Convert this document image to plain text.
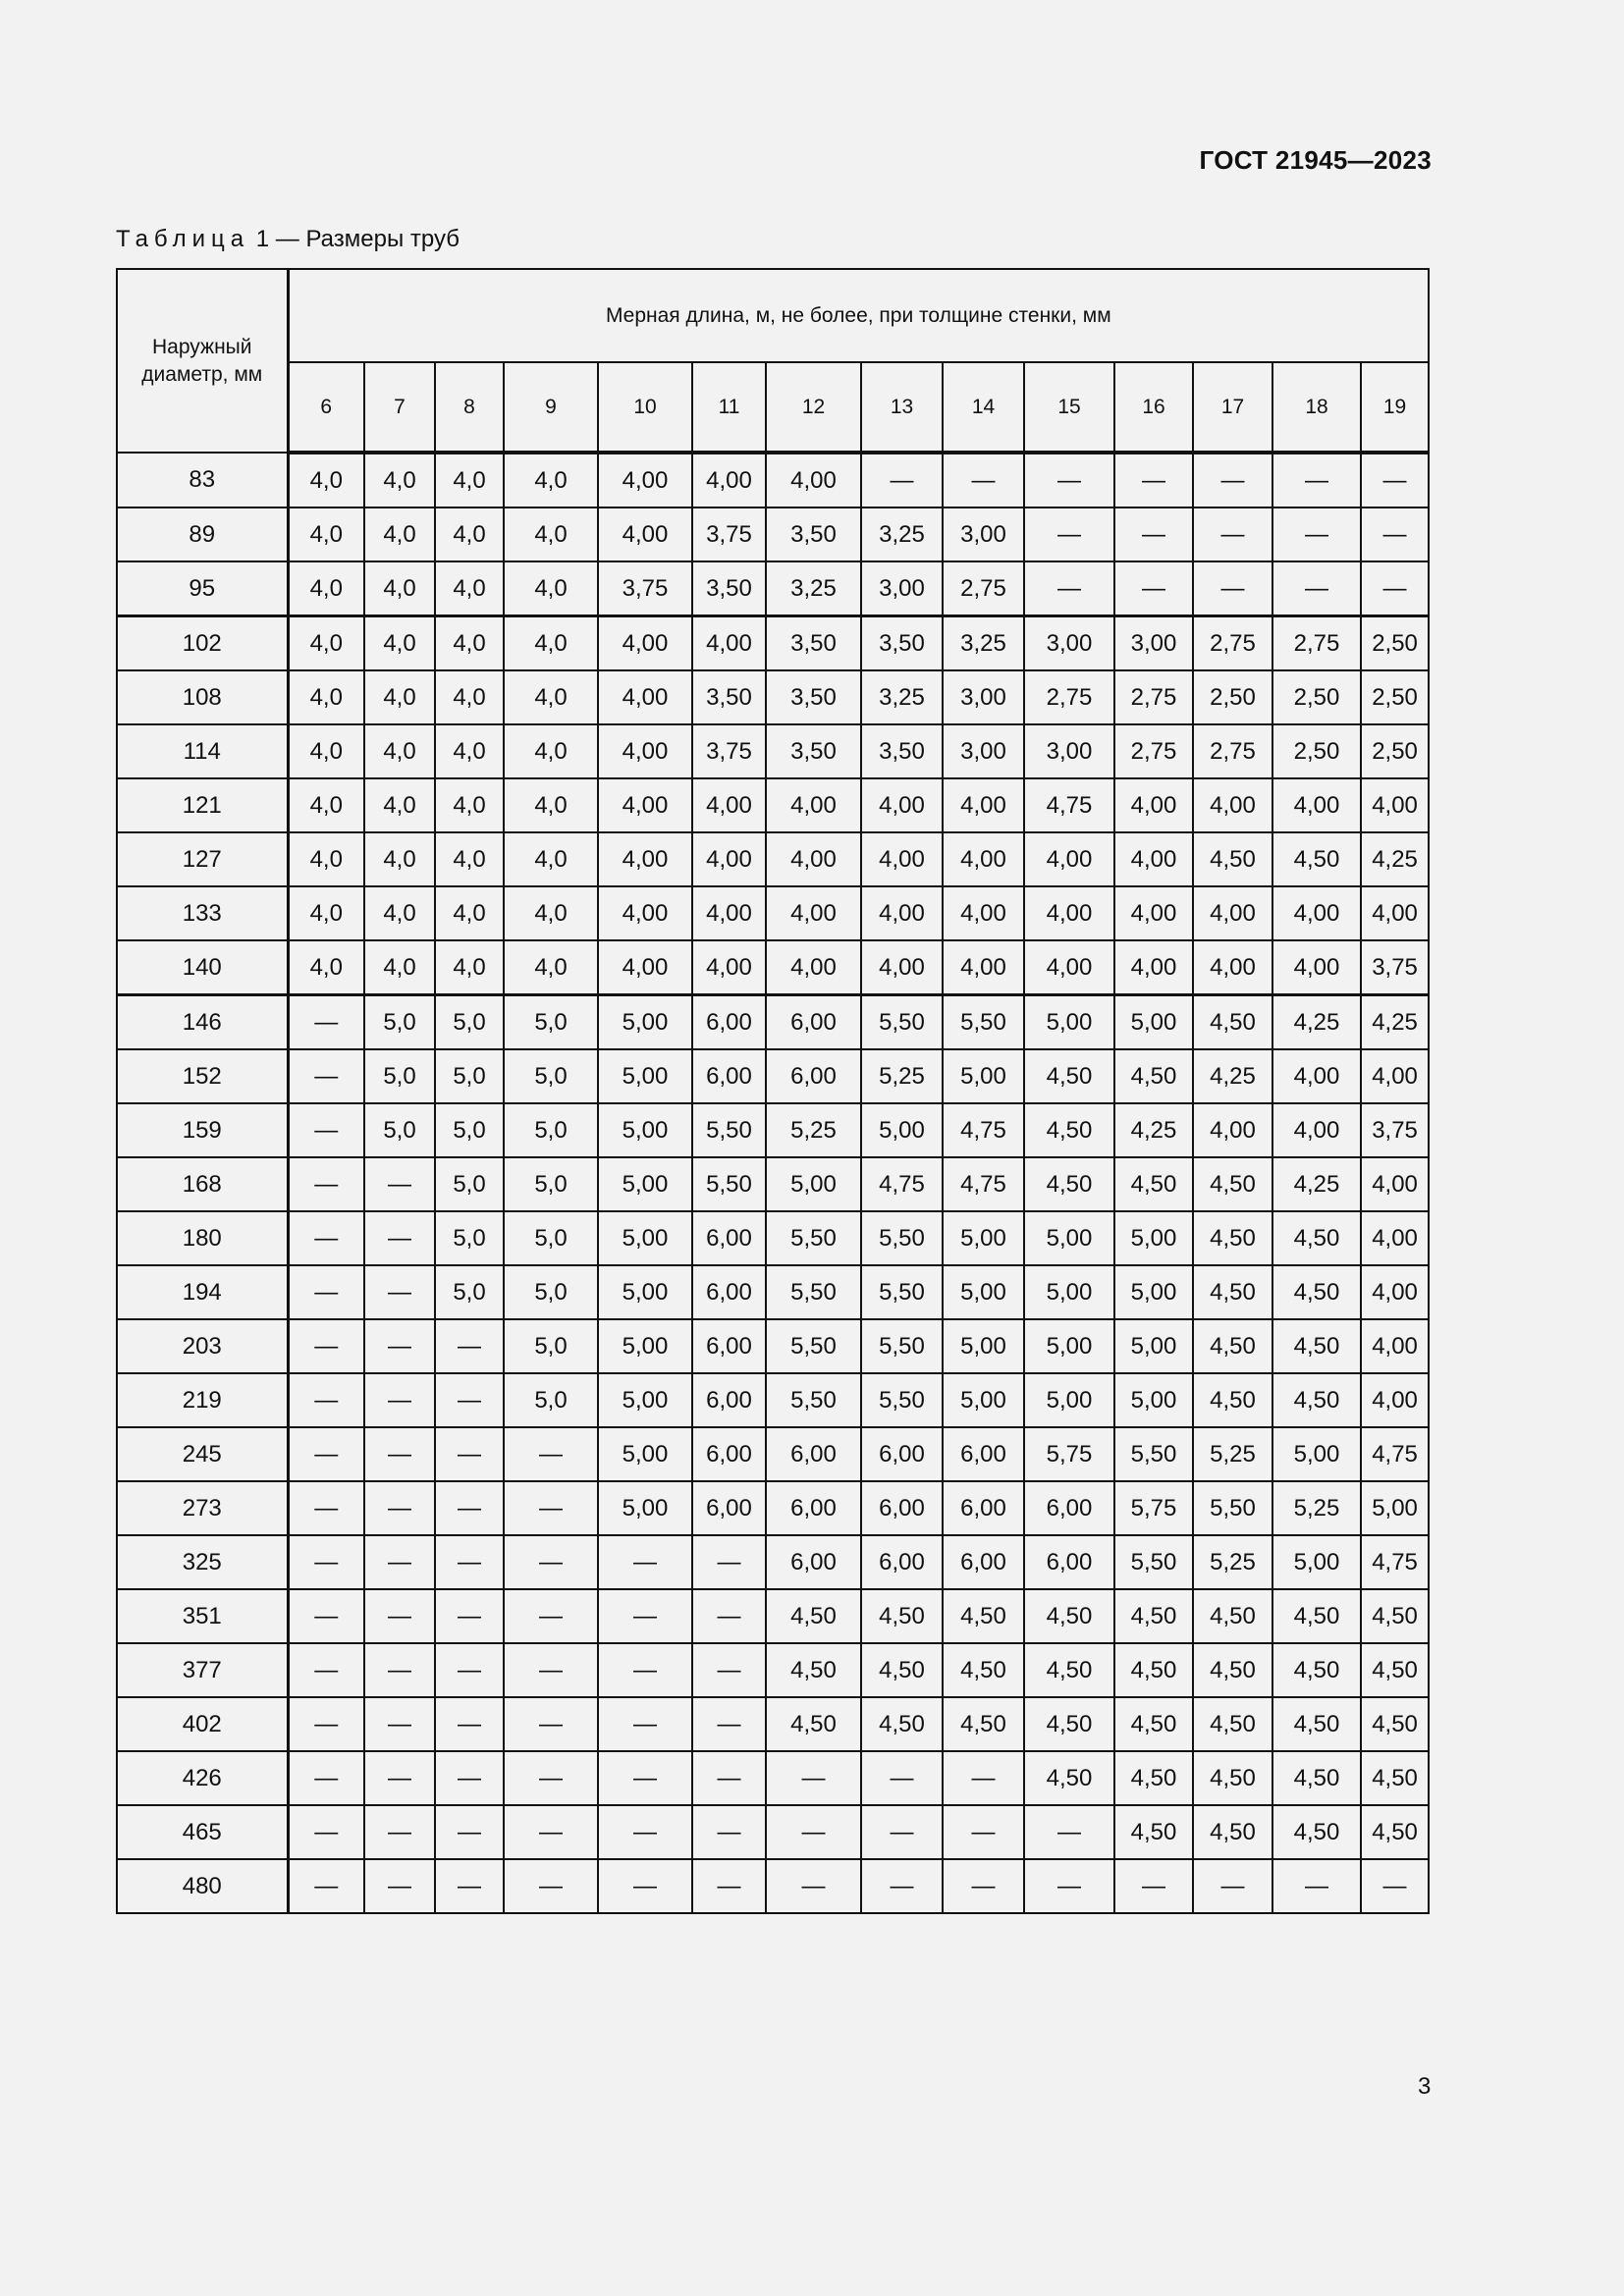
ГОСТ 21945—2023
Таблица 1 — Размеры труб
Наружный диаметр, мм	Мерная длина, м, не более, при толщине стенки, мм													
	6	7	8	9	10	11	12	13	14	15	16	17	18	19
83	4,0	4,0	4,0	4,0	4,00	4,00	4,00	—	—	—	—	—	—	—
89	4,0	4,0	4,0	4,0	4,00	3,75	3,50	3,25	3,00	—	—	—	—	—
95	4,0	4,0	4,0	4,0	3,75	3,50	3,25	3,00	2,75	—	—	—	—	—
102	4,0	4,0	4,0	4,0	4,00	4,00	3,50	3,50	3,25	3,00	3,00	2,75	2,75	2,50
108	4,0	4,0	4,0	4,0	4,00	3,50	3,50	3,25	3,00	2,75	2,75	2,50	2,50	2,50
114	4,0	4,0	4,0	4,0	4,00	3,75	3,50	3,50	3,00	3,00	2,75	2,75	2,50	2,50
121	4,0	4,0	4,0	4,0	4,00	4,00	4,00	4,00	4,00	4,75	4,00	4,00	4,00	4,00
127	4,0	4,0	4,0	4,0	4,00	4,00	4,00	4,00	4,00	4,00	4,00	4,50	4,50	4,25
133	4,0	4,0	4,0	4,0	4,00	4,00	4,00	4,00	4,00	4,00	4,00	4,00	4,00	4,00
140	4,0	4,0	4,0	4,0	4,00	4,00	4,00	4,00	4,00	4,00	4,00	4,00	4,00	3,75
146	—	5,0	5,0	5,0	5,00	6,00	6,00	5,50	5,50	5,00	5,00	4,50	4,25	4,25
152	—	5,0	5,0	5,0	5,00	6,00	6,00	5,25	5,00	4,50	4,50	4,25	4,00	4,00
159	—	5,0	5,0	5,0	5,00	5,50	5,25	5,00	4,75	4,50	4,25	4,00	4,00	3,75
168	—	—	5,0	5,0	5,00	5,50	5,00	4,75	4,75	4,50	4,50	4,50	4,25	4,00
180	—	—	5,0	5,0	5,00	6,00	5,50	5,50	5,00	5,00	5,00	4,50	4,50	4,00
194	—	—	5,0	5,0	5,00	6,00	5,50	5,50	5,00	5,00	5,00	4,50	4,50	4,00
203	—	—	—	5,0	5,00	6,00	5,50	5,50	5,00	5,00	5,00	4,50	4,50	4,00
219	—	—	—	5,0	5,00	6,00	5,50	5,50	5,00	5,00	5,00	4,50	4,50	4,00
245	—	—	—	—	5,00	6,00	6,00	6,00	6,00	5,75	5,50	5,25	5,00	4,75
273	—	—	—	—	5,00	6,00	6,00	6,00	6,00	6,00	5,75	5,50	5,25	5,00
325	—	—	—	—	—	—	6,00	6,00	6,00	6,00	5,50	5,25	5,00	4,75
351	—	—	—	—	—	—	4,50	4,50	4,50	4,50	4,50	4,50	4,50	4,50
377	—	—	—	—	—	—	4,50	4,50	4,50	4,50	4,50	4,50	4,50	4,50
402	—	—	—	—	—	—	4,50	4,50	4,50	4,50	4,50	4,50	4,50	4,50
426	—	—	—	—	—	—	—	—	—	4,50	4,50	4,50	4,50	4,50
465	—	—	—	—	—	—	—	—	—	—	4,50	4,50	4,50	4,50
480	—	—	—	—	—	—	—	—	—	—	—	—	—	—
3
